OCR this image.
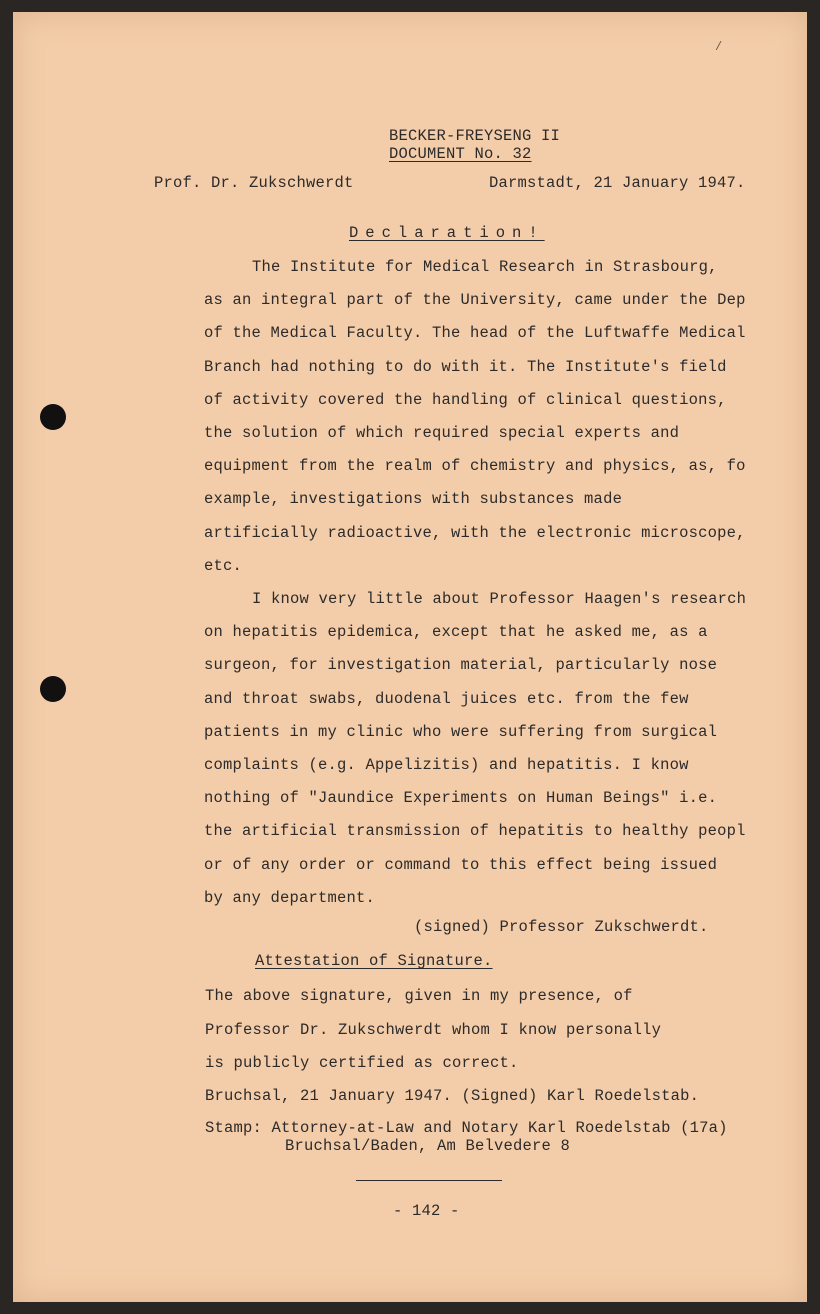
/
BECKER-FREYSENG II
DOCUMENT No. 32
Prof. Dr. Zukschwerdt	Darmstadt, 21 January 1947.
Declaration!
The Institute for Medical Research in Strasbourg,
as an integral part of the University, came under the Dep
of the Medical Faculty. The head of the Luftwaffe Medical
Branch had nothing to do with it. The Institute's field
of activity covered the handling of clinical questions,
the solution of which required special experts and
equipment from the realm of chemistry and physics, as, fo
example, investigations with substances made
artificially radioactive, with the electronic microscope,
etc.
I know very little about Professor Haagen's research
on hepatitis epidemica, except that he asked me, as a
surgeon, for investigation material, particularly nose
and throat swabs, duodenal juices etc. from the few
patients in my clinic who were suffering from surgical
complaints (e.g. Appelizitis) and hepatitis. I know
nothing of "Jaundice Experiments on Human Beings" i.e.
the artificial transmission of hepatitis to healthy peopl
or of any order or command to this effect being issued
by any department.
(signed) Professor Zukschwerdt.
Attestation of Signature.
The above signature, given in my presence, of
Professor Dr. Zukschwerdt whom I know personally
is publicly certified as correct.
Bruchsal, 21 January 1947. (Signed) Karl Roedelstab.
Stamp: Attorney-at-Law and Notary Karl Roedelstab (17a)
Bruchsal/Baden, Am Belvedere 8
- 142 -
